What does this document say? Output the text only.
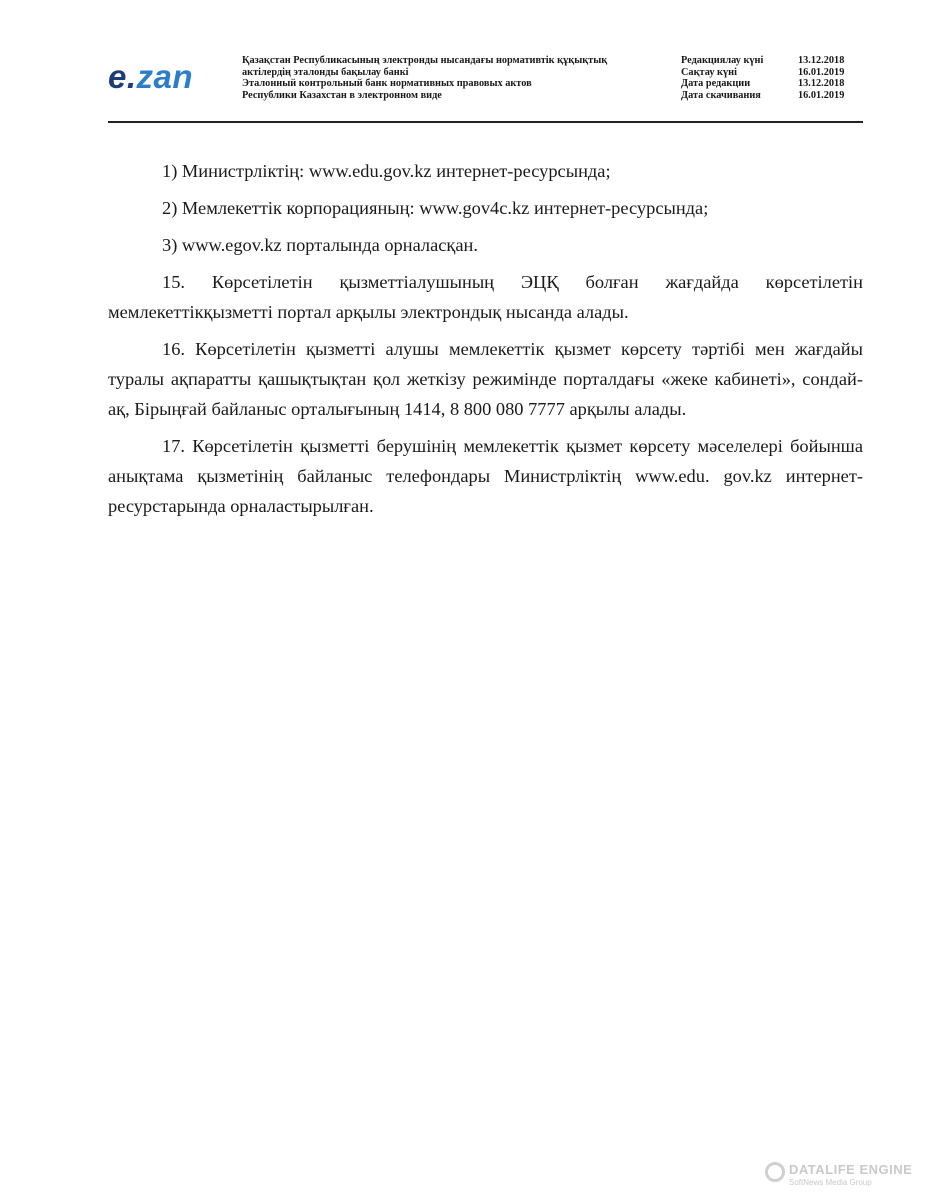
e.zan	Қазақстан Республикасының электронды нысандағы нормативтік құқықтық
актілердің эталонды бақылау банкі
Эталонный контрольный банк нормативных правовых актов
Республики Казахстан в электронном виде
Редакциялау күні	13.12.2018
Сақтау күні	16.01.2019
Дата редакции	13.12.2018
Дата скачивания	16.01.2019

1) Министрліктің: www.edu.gov.kz интернет-ресурсында;

2) Мемлекеттік корпорацияның: www.gov4c.kz интернет-ресурсында;

3) www.egov.kz порталында орналасқан.

15. Көрсетілетін қызметтіалушының ЭЦҚ болған жағдайда көрсетілетін мемлекеттікқызметті портал арқылы электрондық нысанда алады.

16. Көрсетілетін қызметті алушы мемлекеттік қызмет көрсету тәртібі мен жағдайы туралы ақпаратты қашықтықтан қол жеткізу режимінде порталдағы «жеке кабинеті», сондай-ақ, Бірыңғай байланыс орталығының 1414, 8 800 080 7777 арқылы алады.

17. Көрсетілетін қызметті берушінің мемлекеттік қызмет көрсету мәселелері бойынша анықтама қызметінің байланыс телефондары Министрліктің www.edu. gov.kz интернет-ресурстарында орналастырылған.

DATALIFE ENGINE
SoftNews Media Group
